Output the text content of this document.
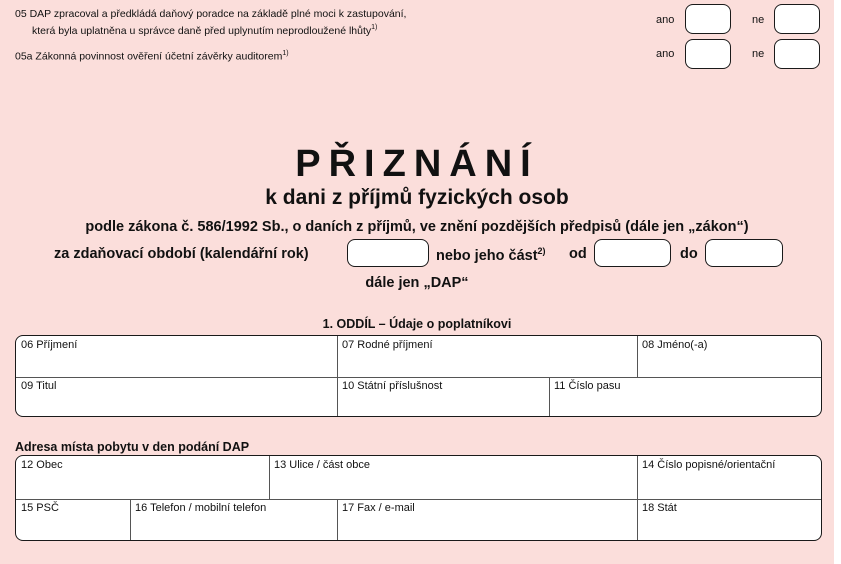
05 DAP zpracoval a předkládá daňový poradce na základě plné moci k zastupování,
která byla uplatněna u správce daně před uplynutím neprodloužené lhůty$^{1)}$
ano	ne
05a Zákonná povinnost ověření účetní závěrky auditorem$^{1)}$	ano	ne
PŘIZNÁNÍ
k dani z příjmů fyzických osob
podle zákona č. 586/1992 Sb., o daních z příjmů, ve znění pozdějších předpisů (dále jen „zákon“)
za zdaňovací období (kalendářní rok)	nebo jeho část$^{2)}$ od	do
dále jen „DAP“
1. ODDÍL – Údaje o poplatníkovi
06 Příjmení	07 Rodné příjmení	08 Jméno(-a)
09 Titul	10 Státní příslušnost	11 Číslo pasu
Adresa místa pobytu v den podání DAP
12 Obec	13 Ulice / část obce	14 Číslo popisné/orientační
15 PSČ	16 Telefon / mobilní telefon	17 Fax / e-mail	18 Stát
